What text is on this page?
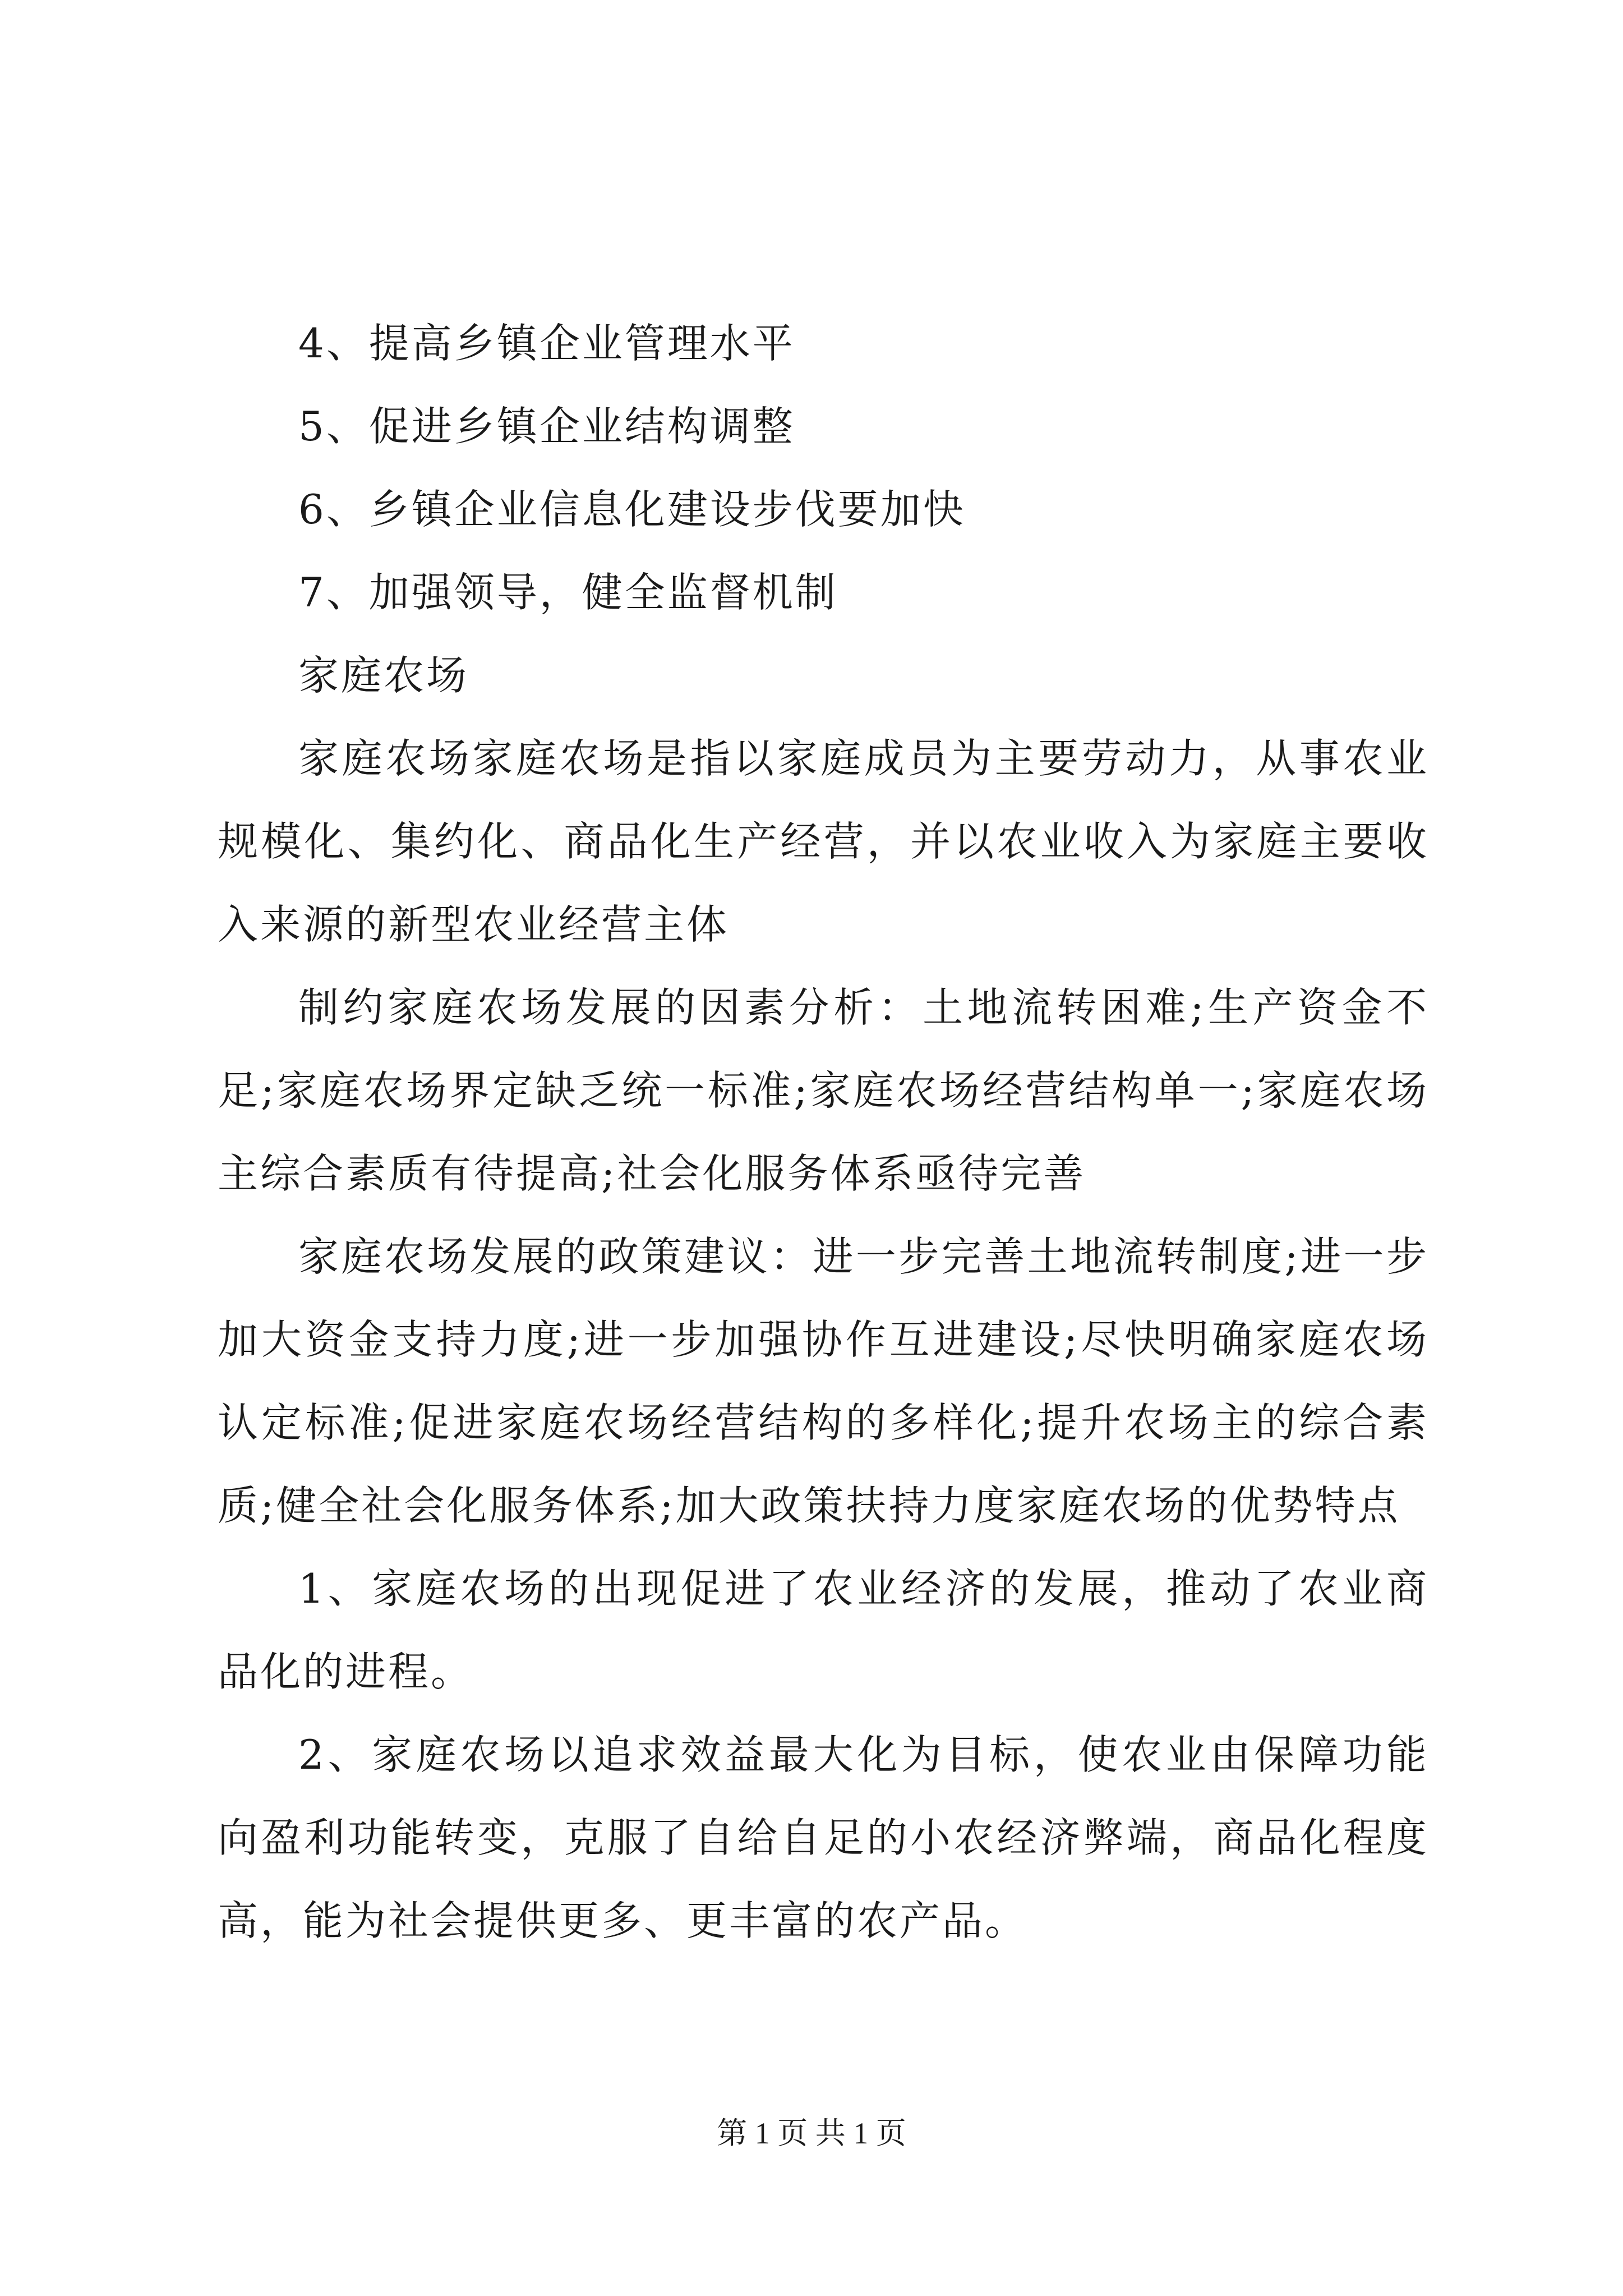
4、提高乡镇企业管理水平

5、促进乡镇企业结构调整

6、乡镇企业信息化建设步伐要加快

7、加强领导，健全监督机制

家庭农场

家庭农场家庭农场是指以家庭成员为主要劳动力，从事农业规模化、集约化、商品化生产经营，并以农业收入为家庭主要收入来源的新型农业经营主体

制约家庭农场发展的因素分析：土地流转困难;生产资金不足;家庭农场界定缺乏统一标准;家庭农场经营结构单一;家庭农场主综合素质有待提高;社会化服务体系亟待完善

家庭农场发展的政策建议：进一步完善土地流转制度;进一步加大资金支持力度;进一步加强协作互进建设;尽快明确家庭农场认定标准;促进家庭农场经营结构的多样化;提升农场主的综合素质;健全社会化服务体系;加大政策扶持力度家庭农场的优势特点

1、家庭农场的出现促进了农业经济的发展，推动了农业商品化的进程。

2、家庭农场以追求效益最大化为目标，使农业由保障功能向盈利功能转变，克服了自给自足的小农经济弊端，商品化程度高，能为社会提供更多、更丰富的农产品。

第 1 页 共 1 页
